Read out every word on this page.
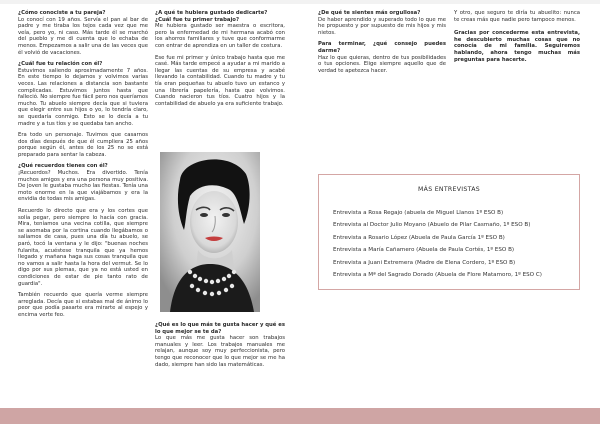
¿Cómo conociste a tu pareja?
Lo conocí con 19 años. Servía el pan al bar de padre y me tiraba los tejos cada vez que me veía, pero yo, ni caso. Más tarde él se marchó del pueblo y me di cuenta que lo echaba de menos. Empezamos a salir una de las veces que él volvió de vacaciones.

¿Cuál fue tu relación con él?
Estuvimos saliendo aproximadamente 7 años. En este tiempo lo dejamos y volvimos varias veces. Las relaciones a distancia son bastante complicadas. Estuvimos juntos hasta que falleció. No siempre fue fácil pero nos queríamos mucho. Tu abuelo siempre decía que si tuviera que elegir entre sus hijos o yo, lo tendría claro, se quedaría conmigo. Esto se lo decía a tu madre y a tus tíos y se quedaba tan ancho.

Era todo un personaje. Tuvimos que casarnos dos días después de que él cumpliera 25 años porque según él, antes de los 25 no se está preparado para sentar la cabeza.

¿Qué recuerdos tienes con él?
¡Recuerdos? Muchos. Era divertido. Tenía muchos amigos y era una persona muy positiva. De joven le gustaba mucho las fiestas. Tenía una moto enorme en la que viajábamos y era la envidia de todas mis amigas.

Recuerdo lo directo que era y los cortes que solía pegar, pero siempre lo hacía con gracia. Mira, teníamos una vecina cotilla, que siempre se asomaba por la cortina cuando llegábamos o salíamos de casa, pues una día tu abuelo, se paró, tocó la ventana y le dijo: "buenas noches fulanita, acuéstese tranquila que ya hemos llegado y mañana haga sus cosas tranquila que no vamos a salir hasta la hora del vermut. Se lo digo por sus plemas, que ya no está usted en condiciones de estar de pie tanto rato de guardia".

También recuerdo que quería verme siempre arreglada. Decía que si estabas mal de ánimo lo peor que podía pasarte era mirarte al espejo y encima verte feo.

¿A qué te hubiera gustado dedicarte?
¿Cuál fue tu primer trabajo?
Me hubiera gustado ser maestra o escritora, pero la enfermedad de mi hermana acabó con los ahorros familiares y tuve que conformarme con entrar de aprendiza en un taller de costura.

Ese fue mi primer y único trabajo hasta que me casé. Más tarde empecé a ayudar a mi marido a llegar las cuentas de su empresa y acabé llevando la contabilidad. Cuando tu madre y tu tía eran pequeñas tu abuelo tuvo un estanco y una librería papelería, hasta que volvimos. Cuando nacieron tus tíos. Cuatro hijos y la contabilidad de abuelo ya era suficiente trabajo.

¿Qué es lo que más te gusta hacer y qué es lo que mejor se te da?
Lo que más me gusta hacer son trabajos manuales y leer. Los trabajos manuales me relajan, aunque soy muy perfeccionista, pero tengo que reconocer que lo que mejor se me ha dado, siempre han sido las matemáticas.

¿De qué te sientes más orgullosa?
De haber aprendido y superado todo lo que me he propuesto y por supuesto de mis hijos y mis nietos.

Para terminar, ¿qué consejo puedes darme?
Haz lo que quieras, dentro de tus posibilidades o tus opciones. Elige siempre aquello que de verdad te apetezca hacer.

Y otro, que seguro te diría tu abuelito: nunca te creas más que nadie pero tampoco menos.

Gracias por concederme esta entrevista, he descubierto muchas cosas que no conocía de mi familia. Seguiremos hablando, ahora tengo muchas más preguntas para hacerte.

MÁS ENTREVISTAS
Entrevista a Rosa Regajo (abuela de Miguel Llanos 1º ESO B)
Entrevista al Doctor Julio Moyano (Abuelo de Pilar Casmaño, 1º ESO B)
Entrevista a Rosario López (Abuela de Paula García 1º ESO B)
Entrevista a María Cañamero (Abuela de Paula Cortés, 1º ESO B)
Entrevista a Juani Extremera (Madre de Elena Cordero, 1º ESO B)
Entrevista a Mª del Sagrado Dorado (Abuela de Flore Matamoro, 1º ESO C)
